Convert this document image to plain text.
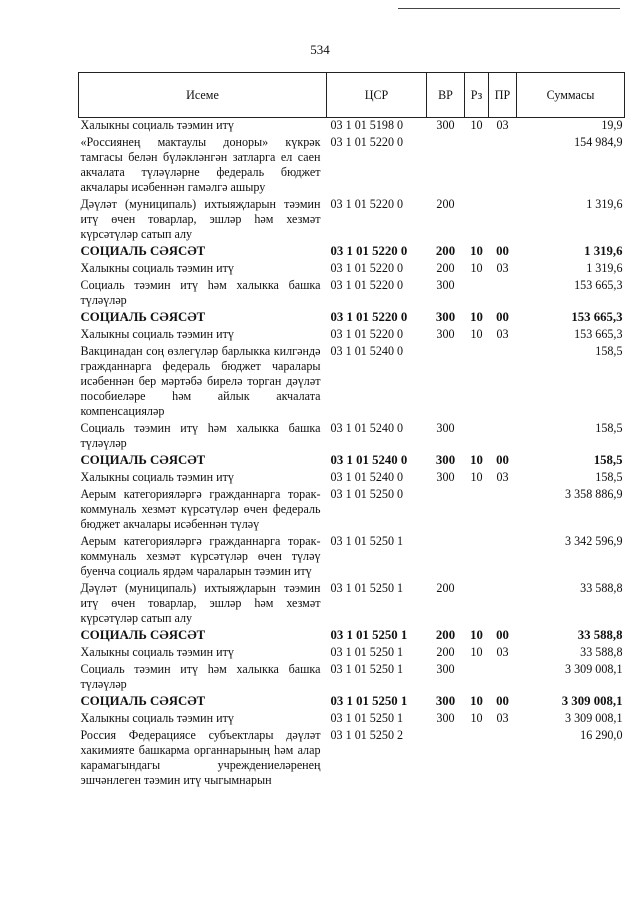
534
Исеме	ЦСР	ВР	Рз	ПР	Суммасы
Халыкны социаль тәэмин итү	03 1 01 5198 0	300	10	03	19,9
«Россиянең мактаулы доноры» күкрәк тамгасы белән бүләкләнгән затларга ел саен акчалата түләүләрне федераль бюджет акчалары исәбеннән гамәлгә ашыру	03 1 01 5220 0				154 984,9
Дәүләт (муниципаль) ихтыяҗларын тәэмин итү өчен товарлар, эшләр һәм хезмәт күрсәтүләр сатып алу	03 1 01 5220 0	200			1 319,6
СОЦИАЛЬ СӘЯСӘТ	03 1 01 5220 0	200	10	00	1 319,6
Халыкны социаль тәэмин итү	03 1 01 5220 0	200	10	03	1 319,6
Социаль тәэмин итү һәм халыкка башка түләүләр	03 1 01 5220 0	300			153 665,3
СОЦИАЛЬ СӘЯСӘТ	03 1 01 5220 0	300	10	00	153 665,3
Халыкны социаль тәэмин итү	03 1 01 5220 0	300	10	03	153 665,3
Вакцинадан соң өзлегүләр барлыкка килгәндә гражданнарга федераль бюджет чаралары исәбеннән бер мәртәбә бирелә торган дәүләт пособиеләре һәм айлык акчалата компенсацияләр	03 1 01 5240 0				158,5
Социаль тәэмин итү һәм халыкка башка түләүләр	03 1 01 5240 0	300			158,5
СОЦИАЛЬ СӘЯСӘТ	03 1 01 5240 0	300	10	00	158,5
Халыкны социаль тәэмин итү	03 1 01 5240 0	300	10	03	158,5
Аерым категорияләргә гражданнарга торак-коммуналь хезмәт күрсәтүләр өчен федераль бюджет акчалары исәбеннән түләү	03 1 01 5250 0				3 358 886,9
Аерым категорияләргә гражданнарга торак-коммуналь хезмәт күрсәтүләр өчен түләү буенча социаль ярдәм чараларын тәэмин итү	03 1 01 5250 1				3 342 596,9
Дәүләт (муниципаль) ихтыяҗларын тәэмин итү өчен товарлар, эшләр һәм хезмәт күрсәтүләр сатып алу	03 1 01 5250 1	200			33 588,8
СОЦИАЛЬ СӘЯСӘТ	03 1 01 5250 1	200	10	00	33 588,8
Халыкны социаль тәэмин итү	03 1 01 5250 1	200	10	03	33 588,8
Социаль тәэмин итү һәм халыкка башка түләүләр	03 1 01 5250 1	300			3 309 008,1
СОЦИАЛЬ СӘЯСӘТ	03 1 01 5250 1	300	10	00	3 309 008,1
Халыкны социаль тәэмин итү	03 1 01 5250 1	300	10	03	3 309 008,1
Россия Федерациясе субъектлары дәүләт хакимияте башкарма органнарының һәм алар карамагындагы учреждениеләренең эшчәнлеген тәэмин итү чыгымнарын	03 1 01 5250 2				16 290,0
